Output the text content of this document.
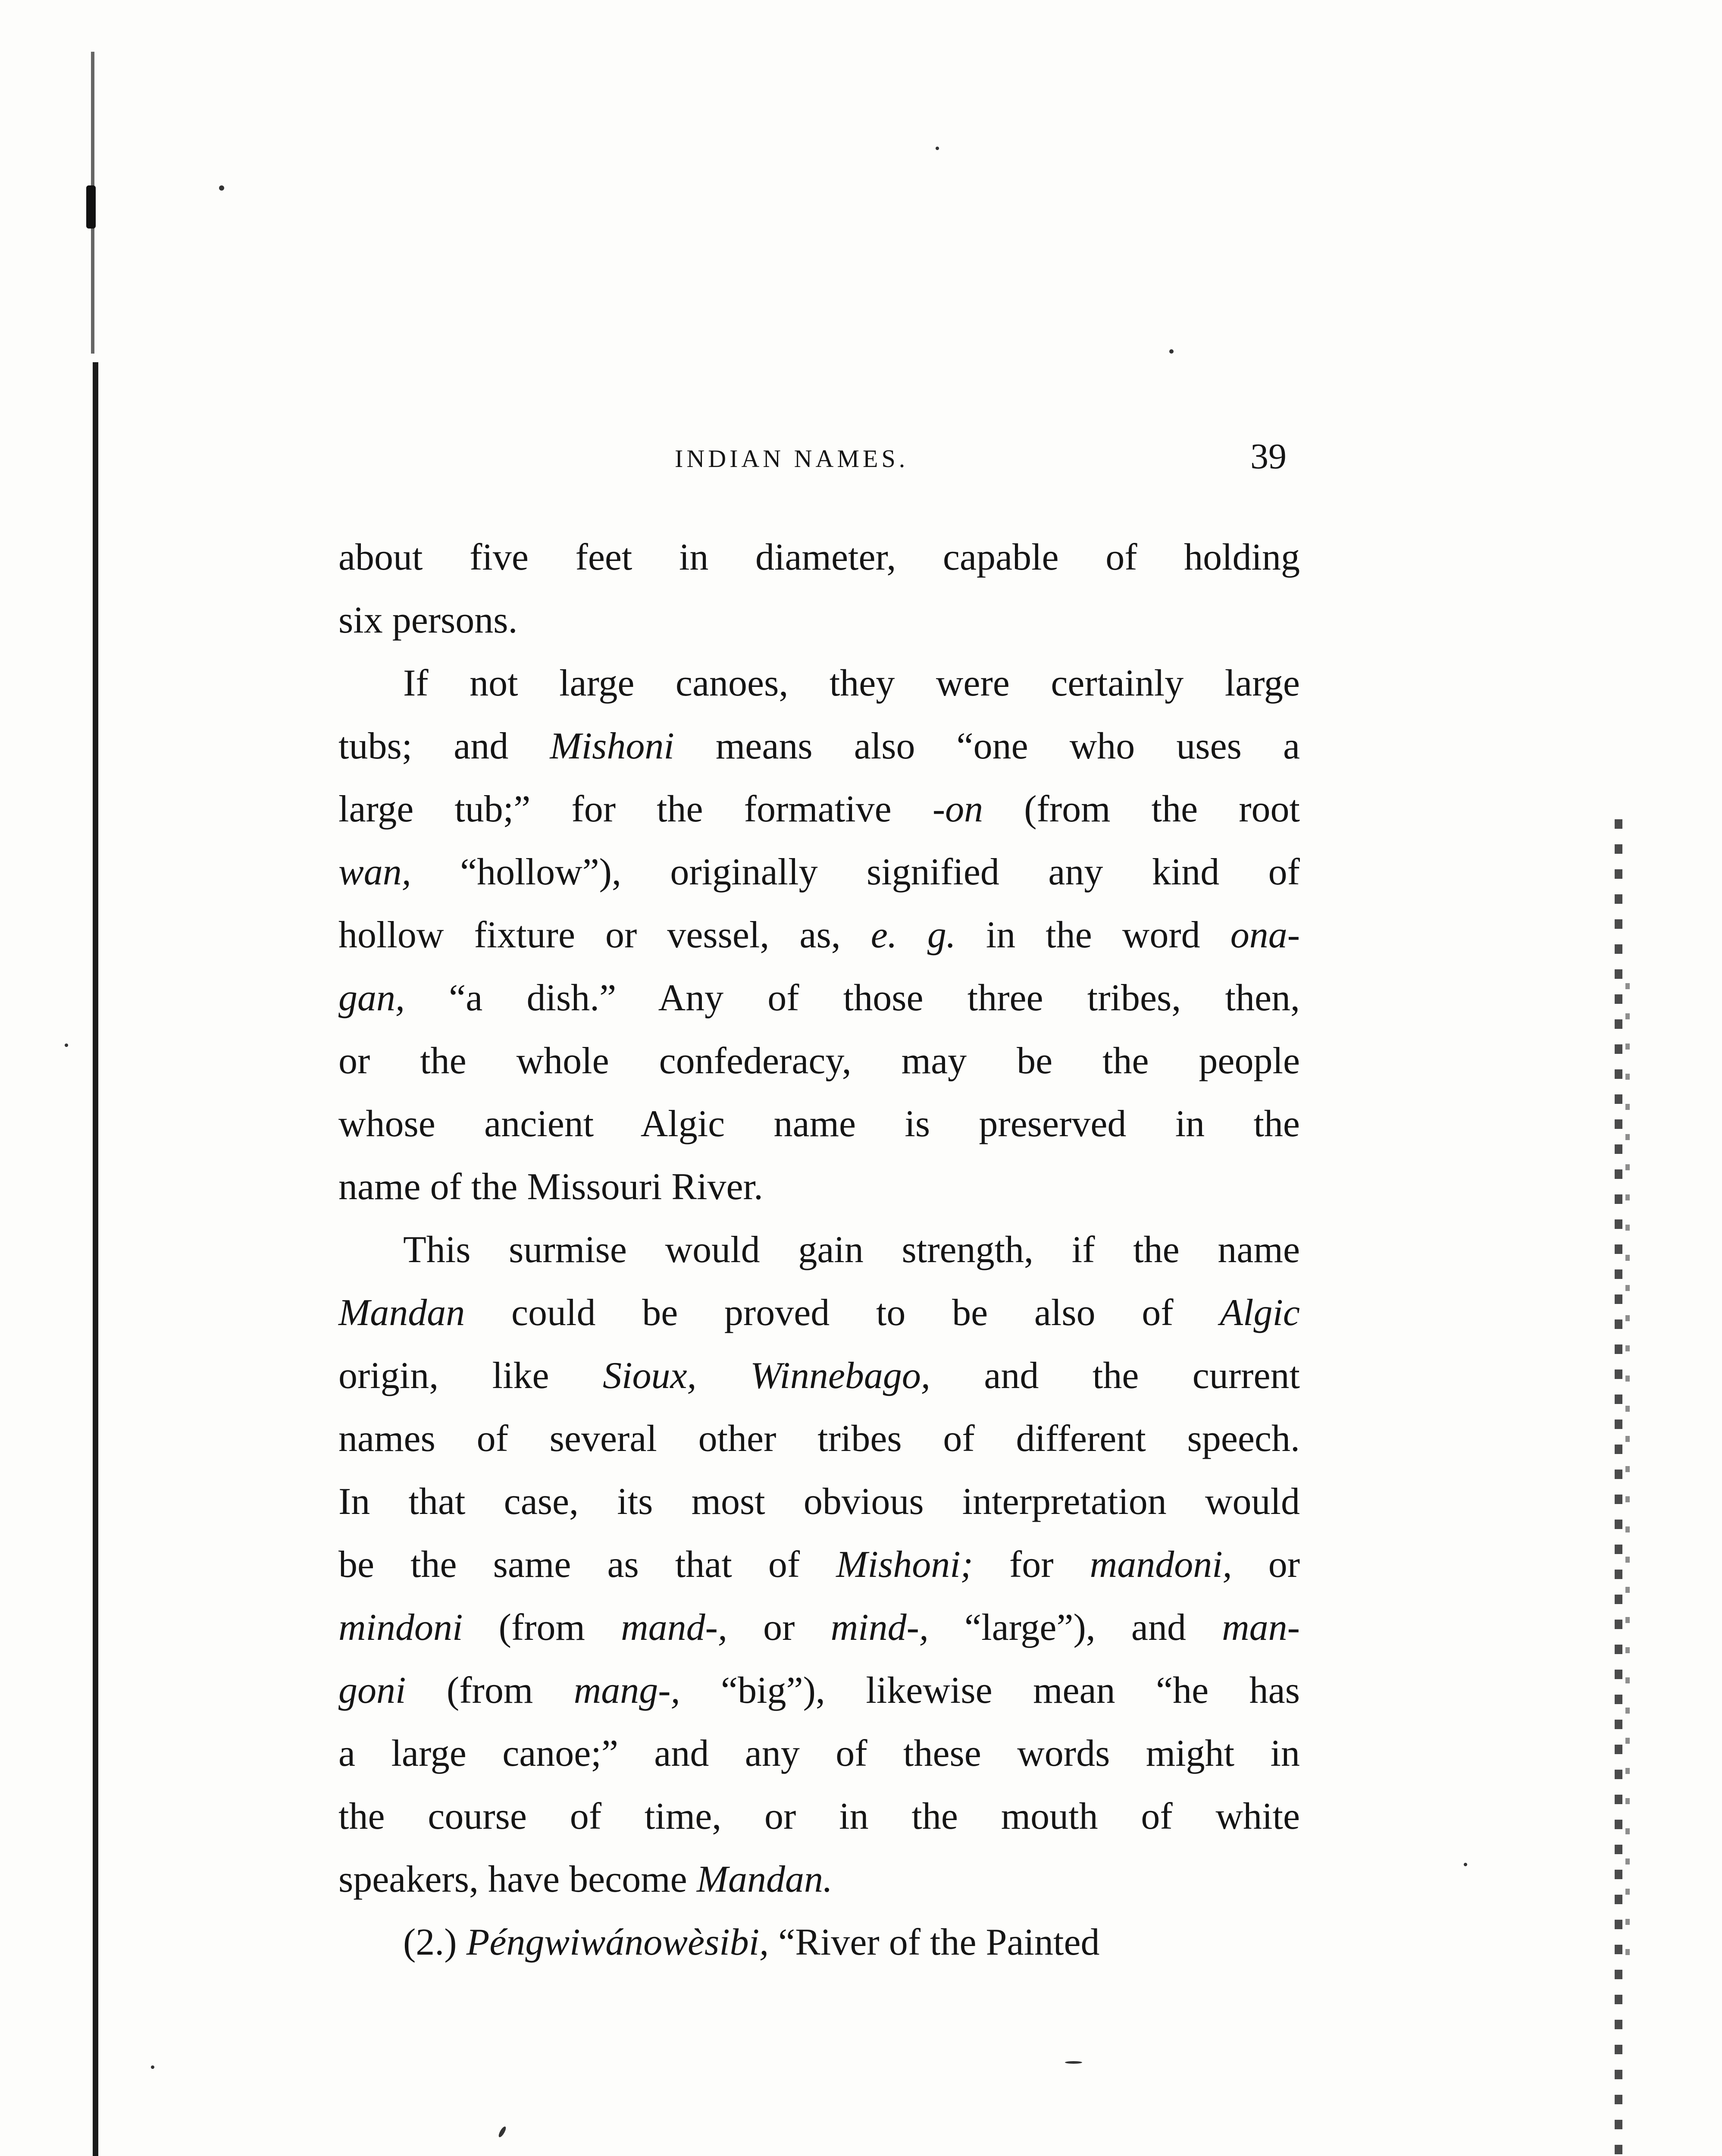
INDIAN NAMES.	39

about five feet in diameter, capable of holding
six persons.

If not large canoes, they were certainly large
tubs; and Mishoni means also “one who uses a
large tub;” for the formative -on (from the root
wan, “hollow”), originally signified any kind of
hollow fixture or vessel, as, e. g. in the word ona-
gan, “a dish.” Any of those three tribes, then,
or the whole confederacy, may be the people
whose ancient Algic name is preserved in the
name of the Missouri River.

This surmise would gain strength, if the name
Mandan could be proved to be also of Algic
origin, like Sioux, Winnebago, and the current
names of several other tribes of different speech.
In that case, its most obvious interpretation would
be the same as that of Mishoni; for mandoni, or
mindoni (from mand-, or mind-, “large”), and man-
goni (from mang-, “big”), likewise mean “he has
a large canoe;” and any of these words might in
the course of time, or in the mouth of white
speakers, have become Mandan.

(2.) Péngwiwánowèsibi, “River of the Painted
